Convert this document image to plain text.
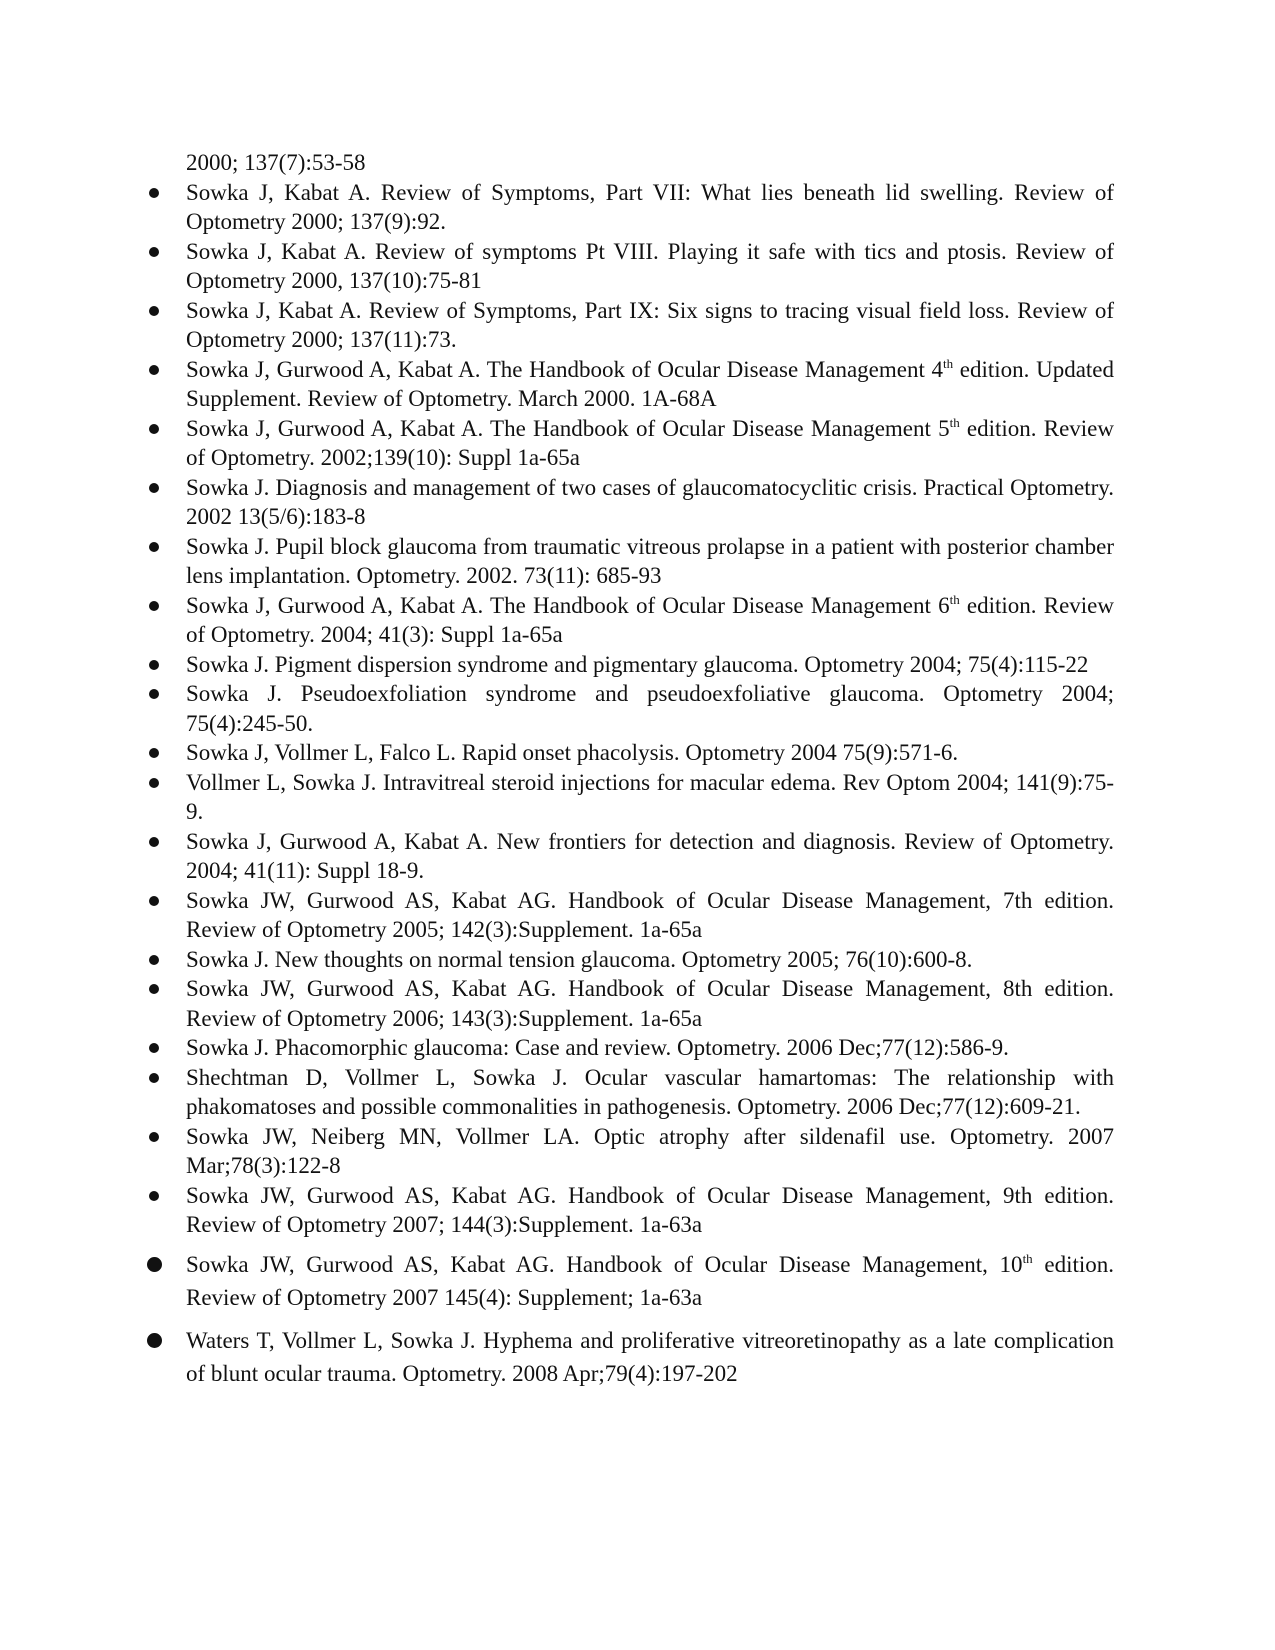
2000; 137(7):53-58

Sowka J, Kabat A. Review of Symptoms, Part VII: What lies beneath lid swelling. Review of Optometry 2000; 137(9):92.
Sowka J, Kabat A. Review of symptoms Pt VIII. Playing it safe with tics and ptosis. Review of Optometry 2000, 137(10):75-81
Sowka J, Kabat A. Review of Symptoms, Part IX: Six signs to tracing visual field loss. Review of Optometry 2000; 137(11):73.
Sowka J, Gurwood A, Kabat A. The Handbook of Ocular Disease Management 4th edition. Updated Supplement. Review of Optometry. March 2000. 1A-68A
Sowka J, Gurwood A, Kabat A. The Handbook of Ocular Disease Management 5th edition. Review of Optometry. 2002;139(10): Suppl 1a-65a
Sowka J. Diagnosis and management of two cases of glaucomatocyclitic crisis. Practical Optometry. 2002 13(5/6):183-8
Sowka J. Pupil block glaucoma from traumatic vitreous prolapse in a patient with posterior chamber lens implantation. Optometry. 2002. 73(11): 685-93
Sowka J, Gurwood A, Kabat A. The Handbook of Ocular Disease Management 6th edition. Review of Optometry. 2004; 41(3): Suppl 1a-65a
Sowka J. Pigment dispersion syndrome and pigmentary glaucoma. Optometry 2004; 75(4):115-22
Sowka J. Pseudoexfoliation syndrome and pseudoexfoliative glaucoma. Optometry 2004; 75(4):245-50.
Sowka J, Vollmer L, Falco L. Rapid onset phacolysis. Optometry 2004 75(9):571-6.
Vollmer L, Sowka J. Intravitreal steroid injections for macular edema. Rev Optom 2004; 141(9):75-9.
Sowka J, Gurwood A, Kabat A. New frontiers for detection and diagnosis. Review of Optometry. 2004; 41(11): Suppl 18-9.
Sowka JW, Gurwood AS, Kabat AG. Handbook of Ocular Disease Management, 7th edition. Review of Optometry 2005; 142(3):Supplement. 1a-65a
Sowka J. New thoughts on normal tension glaucoma. Optometry 2005; 76(10):600-8.
Sowka JW, Gurwood AS, Kabat AG. Handbook of Ocular Disease Management, 8th edition. Review of Optometry 2006; 143(3):Supplement. 1a-65a
Sowka J. Phacomorphic glaucoma: Case and review. Optometry. 2006 Dec;77(12):586-9.
Shechtman D, Vollmer L, Sowka J. Ocular vascular hamartomas: The relationship with phakomatoses and possible commonalities in pathogenesis. Optometry. 2006 Dec;77(12):609-21.
Sowka JW, Neiberg MN, Vollmer LA. Optic atrophy after sildenafil use. Optometry. 2007 Mar;78(3):122-8
Sowka JW, Gurwood AS, Kabat AG. Handbook of Ocular Disease Management, 9th edition. Review of Optometry 2007; 144(3):Supplement. 1a-63a
Sowka JW, Gurwood AS, Kabat AG. Handbook of Ocular Disease Management, 10th edition. Review of Optometry 2007 145(4): Supplement; 1a-63a
Waters T, Vollmer L, Sowka J. Hyphema and proliferative vitreoretinopathy as a late complication of blunt ocular trauma. Optometry. 2008 Apr;79(4):197-202
